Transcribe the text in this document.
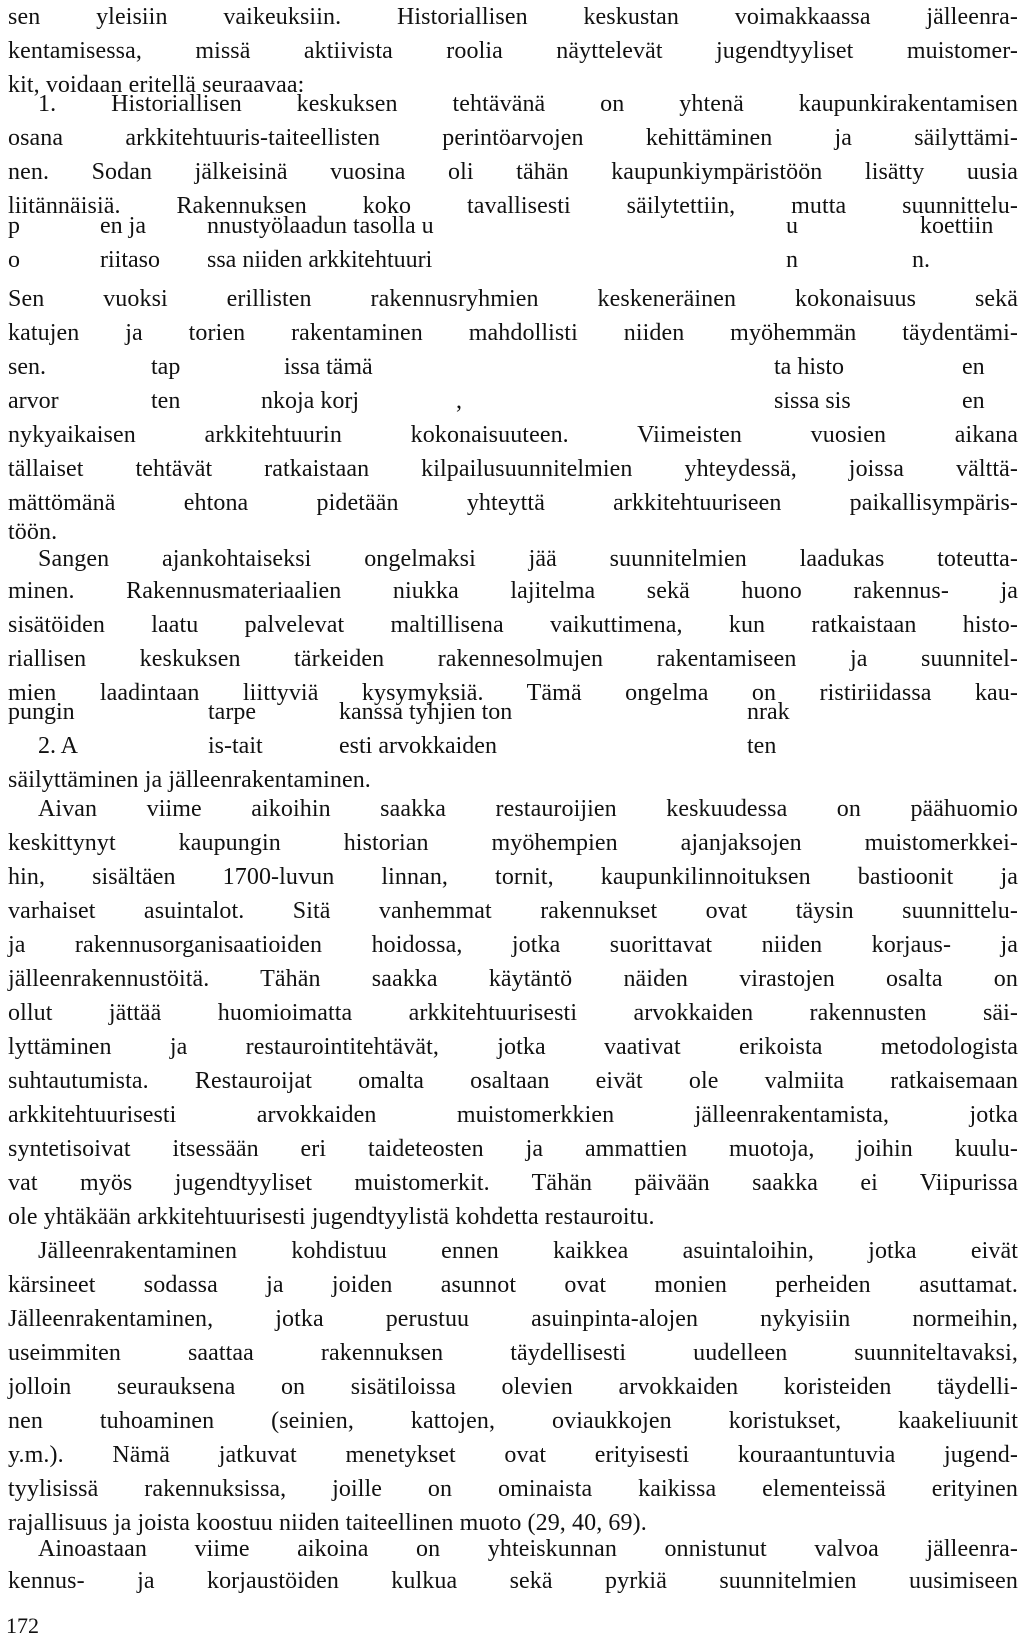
sen yleisiin vaikeuksiin. Historiallisen keskustan voimakkaassa jälleenra-
kentamisessa, missä aktiivista roolia näyttelevät jugendtyyliset muistomer-
kit, voidaan eritellä seuraavaa:
1. Historiallisen keskuksen tehtävänä on yhtenä kaupunkirakentamisen
osana arkkitehtuuris-taiteellisten perintöarvojen kehittäminen ja säilyttämi-
nen. Sodan jälkeisinä vuosina oli tähän kaupunkiympäristöön lisätty uusia
liitännäisiä. Rakennuksen koko tavallisesti säilytettiin, mutta suunnittelu-
p	en ja	nnustyölaadun tasolla u	u	koettiin
o	riitaso ssa niiden arkkitehtuuri	n	n.
Sen vuoksi erillisten rakennusryhmien keskeneräinen kokonaisuus sekä
katujen ja torien rakentaminen mahdollisti niiden myöhemmän täydentämi-
sen.	tap	issa tämä	ta histo	en
arvor	ten	nkoja korj	,	sissa sis	en
nykyaikaisen arkkitehtuurin kokonaisuuteen. Viimeisten vuosien aikana
tällaiset tehtävät ratkaistaan kilpailusuunnitelmien yhteydessä, joissa välttä-
mättömänä ehtona pidetään yhteyttä arkkitehtuuriseen paikallisympäris-
töön.
Sangen ajankohtaiseksi ongelmaksi jää suunnitelmien laadukas toteutta-
minen. Rakennusmateriaalien niukka lajitelma sekä huono rakennus- ja
sisätöiden laatu palvelevat maltillisena vaikuttimena, kun ratkaistaan histo-
riallisen keskuksen tärkeiden rakennesolmujen rakentamiseen ja suunnitel-
mien laadintaan liittyviä kysymyksiä. Tämä ongelma on ristiriidassa kau-
pungin	tarpe	kanssa tyhjien ton	nrak
2. A	is-tait	esti arvokkaiden	ten
säilyttäminen ja jälleenrakentaminen.
Aivan viime aikoihin saakka restauroijien keskuudessa on päähuomio
keskittynyt kaupungin historian myöhempien ajanjaksojen muistomerkkei-
hin, sisältäen 1700-luvun linnan, tornit, kaupunkilinnoituksen bastioonit ja
varhaiset asuintalot. Sitä vanhemmat rakennukset ovat täysin suunnittelu-
ja rakennusorganisaatioiden hoidossa, jotka suorittavat niiden korjaus- ja
jälleenrakennustöitä. Tähän saakka käytäntö näiden virastojen osalta on
ollut jättää huomioimatta arkkitehtuurisesti arvokkaiden rakennusten säi-
lyttäminen ja restaurointitehtävät, jotka vaativat erikoista metodologista
suhtautumista. Restauroijat omalta osaltaan eivät ole valmiita ratkaisemaan
arkkitehtuurisesti arvokkaiden muistomerkkien jälleenrakentamista, jotka
syntetisoivat itsessään eri taideteosten ja ammattien muotoja, joihin kuulu-
vat myös jugendtyyliset muistomerkit. Tähän päivään saakka ei Viipurissa
ole yhtäkään arkkitehtuurisesti jugendtyylistä kohdetta restauroitu.
Jälleenrakentaminen kohdistuu ennen kaikkea asuintaloihin, jotka eivät
kärsineet sodassa ja joiden asunnot ovat monien perheiden asuttamat.
Jälleenrakentaminen, jotka perustuu asuinpinta-alojen nykyisiin normeihin,
useimmiten saattaa rakennuksen täydellisesti uudelleen suunniteltavaksi,
jolloin seurauksena on sisätiloissa olevien arvokkaiden koristeiden täydelli-
nen tuhoaminen (seinien, kattojen, oviaukkojen koristukset, kaakeliuunit
y.m.). Nämä jatkuvat menetykset ovat erityisesti kouraantuntuvia jugend-
tyylisissä rakennuksissa, joille on ominaista kaikissa elementeissä erityinen
rajallisuus ja joista koostuu niiden taiteellinen muoto (29, 40, 69).
Ainoastaan viime aikoina on yhteiskunnan onnistunut valvoa jälleenra-
kennus- ja korjaustöiden kulkua sekä pyrkiä suunnitelmien uusimiseen
172
